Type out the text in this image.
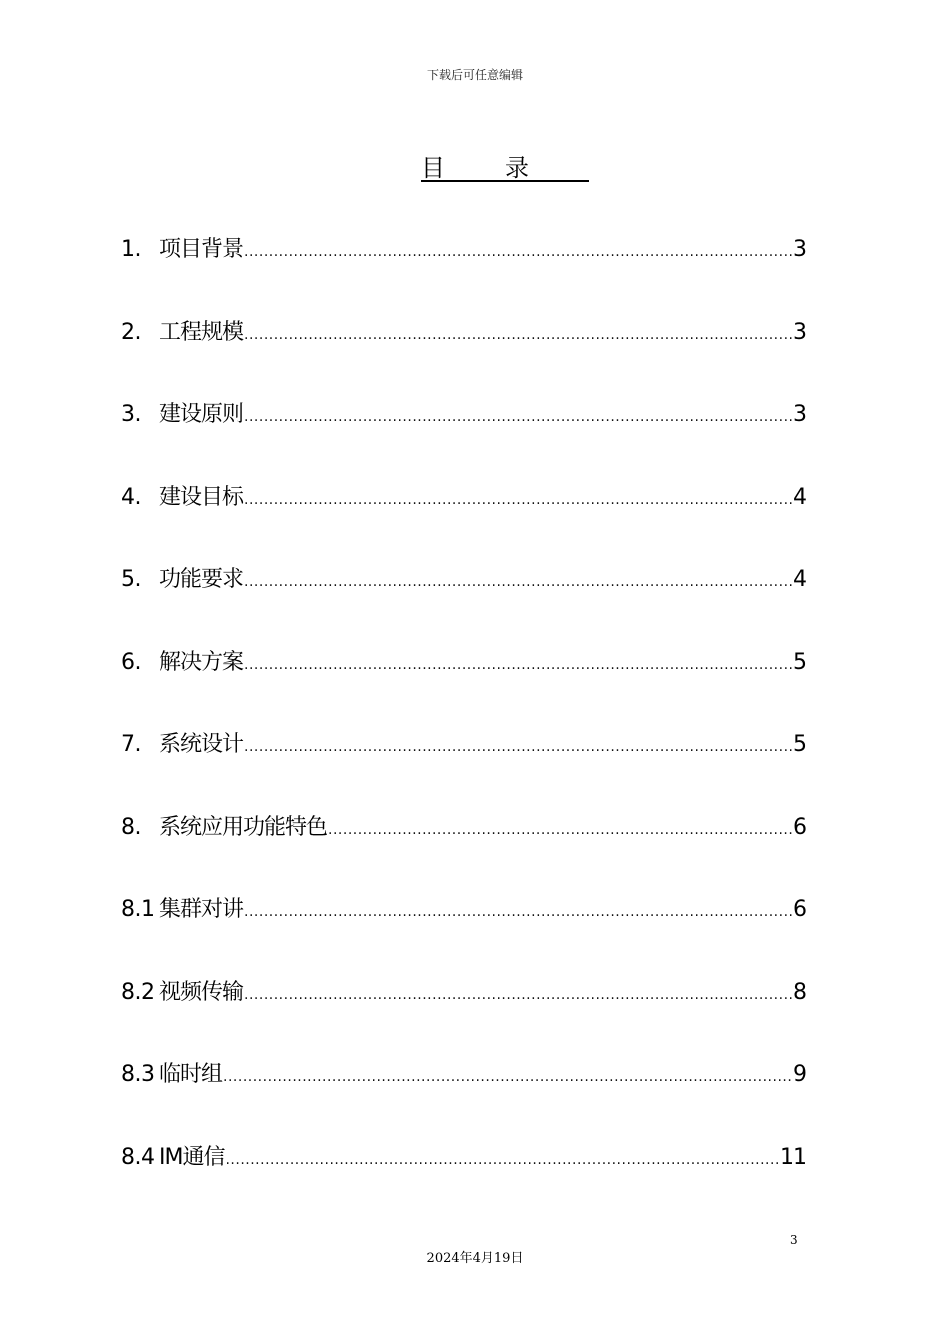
下载后可任意编辑
目录
1. 项目背景 .....	3
2. 工程规模 .....	3
3. 建设原则 .....	3
4. 建设目标 .....	4
5. 功能要求 .....	4
6. 解决方案 .....	5
7. 系统设计 .....	5
8. 系统应用功能特色 .....	6
8.1 集群对讲 .....	6
8.2 视频传输 .....	8
8.3 临时组 .....	9
8.4 IM通信 .....	11
3
2024年4月19日
